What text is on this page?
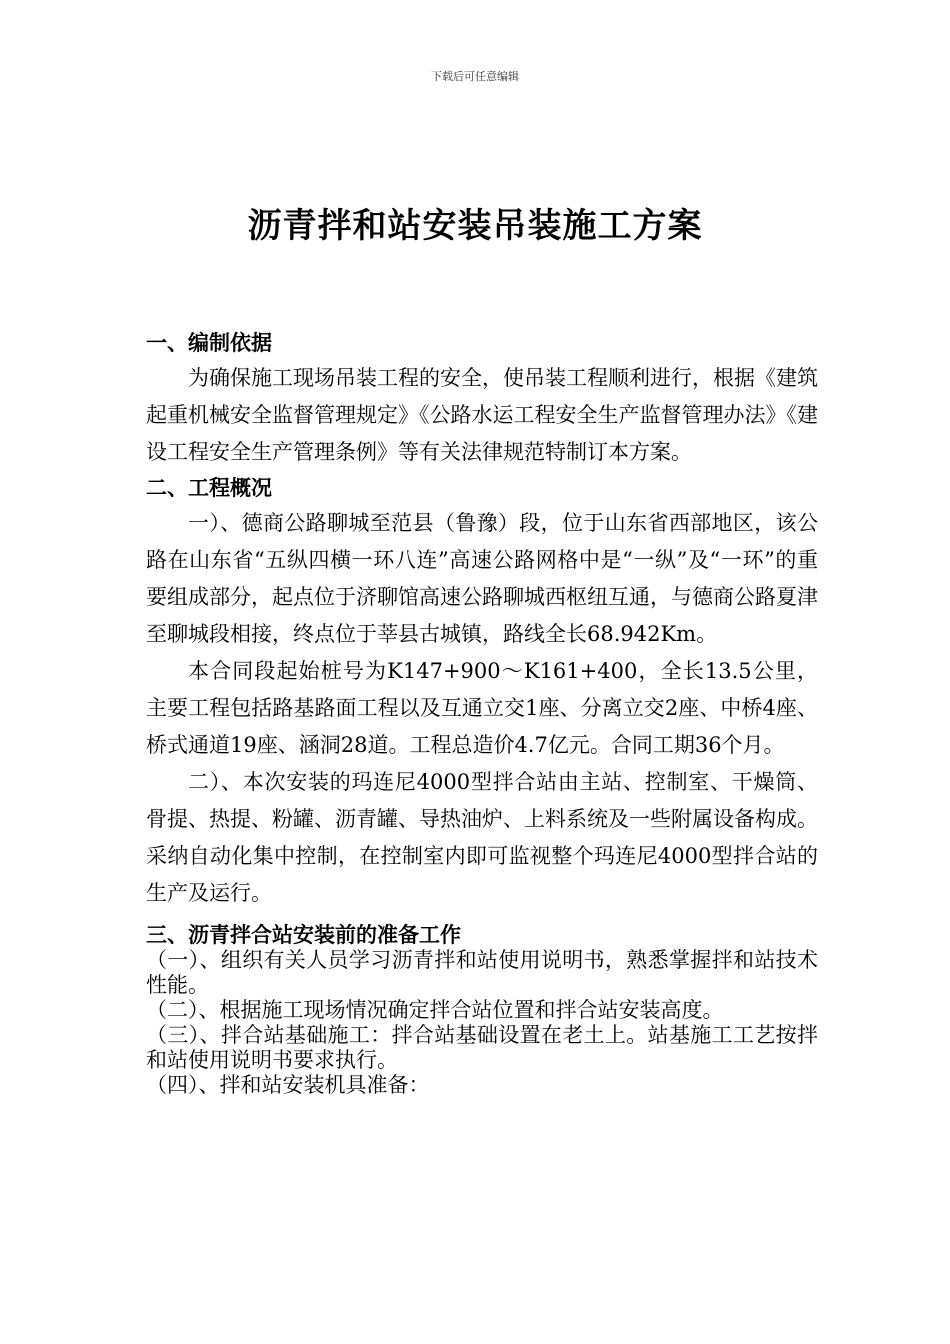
下载后可任意编辑
沥青拌和站安装吊装施工方案

一、编制依据

为确保施工现场吊装工程的安全，使吊装工程顺利进行，根据《建筑起重机械安全监督管理规定》《公路水运工程安全生产监督管理办法》《建设工程安全生产管理条例》等有关法律规范特制订本方案。

二、工程概况

一）、德商公路聊城至范县（鲁豫）段，位于山东省西部地区，该公路在山东省“五纵四横一环八连”高速公路网格中是“一纵”及“一环”的重要组成部分，起点位于济聊馆高速公路聊城西枢纽互通，与德商公路夏津至聊城段相接，终点位于莘县古城镇，路线全长68.942Km。

本合同段起始桩号为K147+900～K161+400，全长13.5公里，主要工程包括路基路面工程以及互通立交1座、分离立交2座、中桥4座、桥式通道19座、涵洞28道。工程总造价4.7亿元。合同工期36个月。

二）、本次安装的玛连尼4000型拌合站由主站、控制室、干燥筒、骨提、热提、粉罐、沥青罐、导热油炉、上料系统及一些附属设备构成。采纳自动化集中控制，在控制室内即可监视整个玛连尼4000型拌合站的生产及运行。

三、沥青拌合站安装前的准备工作

（一）、组织有关人员学习沥青拌和站使用说明书，熟悉掌握拌和站技术性能。

（二）、根据施工现场情况确定拌合站位置和拌合站安装高度。

（三）、拌合站基础施工：拌合站基础设置在老土上。站基施工工艺按拌和站使用说明书要求执行。

（四）、拌和站安装机具准备：
